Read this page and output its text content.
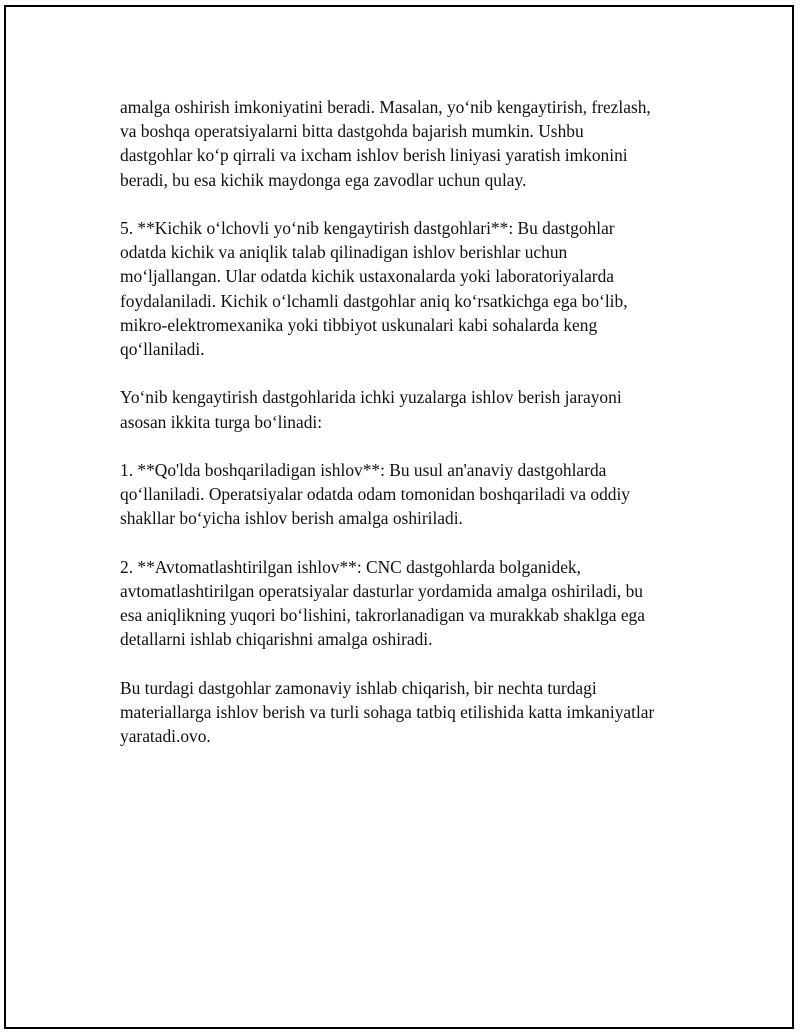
amalga oshirish imkoniyatini beradi. Masalan, yo‘nib kengaytirish, frezlash,
va boshqa operatsiyalarni bitta dastgohda bajarish mumkin. Ushbu
dastgohlar ko‘p qirrali va ixcham ishlov berish liniyasi yaratish imkonini
beradi, bu esa kichik maydonga ega zavodlar uchun qulay.

5. **Kichik o‘lchovli yo‘nib kengaytirish dastgohlari**: Bu dastgohlar
odatda kichik va aniqlik talab qilinadigan ishlov berishlar uchun
mo‘ljallangan. Ular odatda kichik ustaxonalarda yoki laboratoriyalarda
foydalaniladi. Kichik o‘lchamli dastgohlar aniq ko‘rsatkichga ega bo‘lib,
mikro-elektromexanika yoki tibbiyot uskunalari kabi sohalarda keng
qo‘llaniladi.

Yo‘nib kengaytirish dastgohlarida ichki yuzalarga ishlov berish jarayoni
asosan ikkita turga bo‘linadi:

1. **Qo'lda boshqariladigan ishlov**: Bu usul an'anaviy dastgohlarda
qo‘llaniladi. Operatsiyalar odatda odam tomonidan boshqariladi va oddiy
shakllar bo‘yicha ishlov berish amalga oshiriladi.

2. **Avtomatlashtirilgan ishlov**: CNC dastgohlarda bolganidek,
avtomatlashtirilgan operatsiyalar dasturlar yordamida amalga oshiriladi, bu
esa aniqlikning yuqori bo‘lishini, takrorlanadigan va murakkab shaklga ega
detallarni ishlab chiqarishni amalga oshiradi.

Bu turdagi dastgohlar zamonaviy ishlab chiqarish, bir nechta turdagi
materiallarga ishlov berish va turli sohaga tatbiq etilishida katta imkaniyatlar
yaratadi.ovo.
